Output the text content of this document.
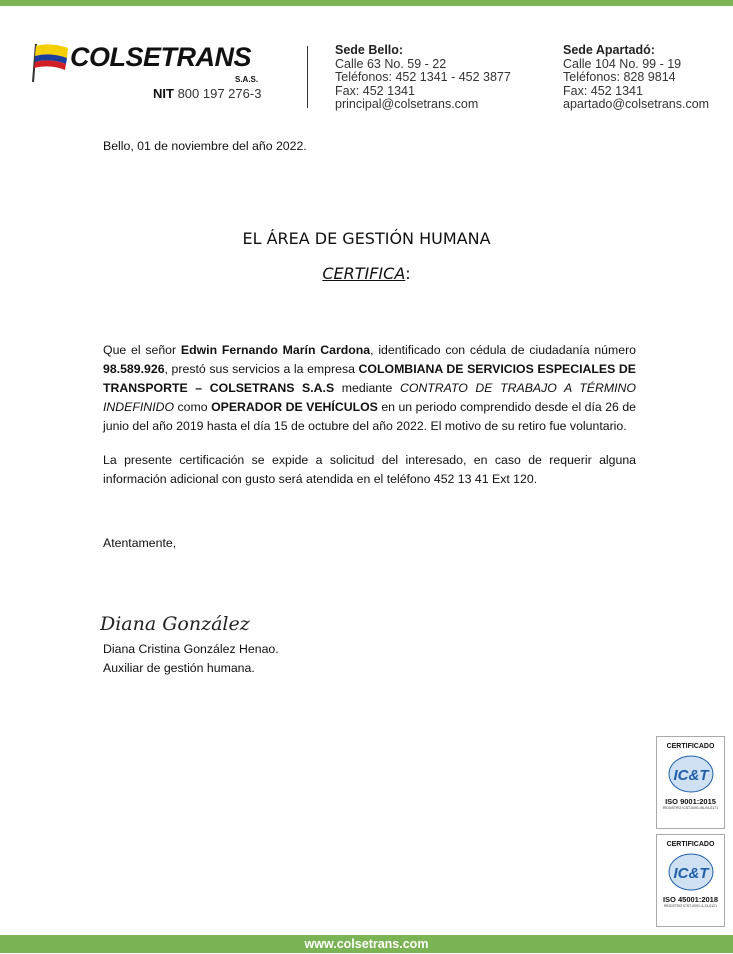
COLSETRANS
S.A.S.
NIT 800 197 276-3
Sede Bello:
Calle 63 No. 59 - 22
Teléfonos: 452 1341 - 452 3877
Fax: 452 1341
principal@colsetrans.com
Sede Apartadó:
Calle 104 No. 99 - 19
Teléfonos: 828 9814
Fax: 452 1341
apartado@colsetrans.com
Bello, 01 de noviembre del año 2022.
EL ÁREA DE GESTIÓN HUMANA
CERTIFICA:

Que el señor Edwin Fernando Marín Cardona, identificado con cédula de ciudadanía número 98.589.926, prestó sus servicios a la empresa COLOMBIANA DE SERVICIOS ESPECIALES DE TRANSPORTE – COLSETRANS S.A.S mediante CONTRATO DE TRABAJO A TÉRMINO INDEFINIDO como OPERADOR DE VEHÍCULOS en un periodo comprendido desde el día 26 de junio del año 2019 hasta el día 15 de octubre del año 2022. El motivo de su retiro fue voluntario.

La presente certificación se expide a solicitud del interesado, en caso de requerir alguna información adicional con gusto será atendida en el teléfono 452 13 41 Ext 120.

Atentamente,
Diana González
Diana Cristina González Henao.
Auxiliar de gestión humana.
CERTIFICADO
IC&T
ISO 9001:2015
REGISTRO ICST-0091-06-04-0171
CERTIFICADO
IC&T
ISO 45001:2018
REGISTRO ICST-0091-4-13-0121
www.colsetrans.com
